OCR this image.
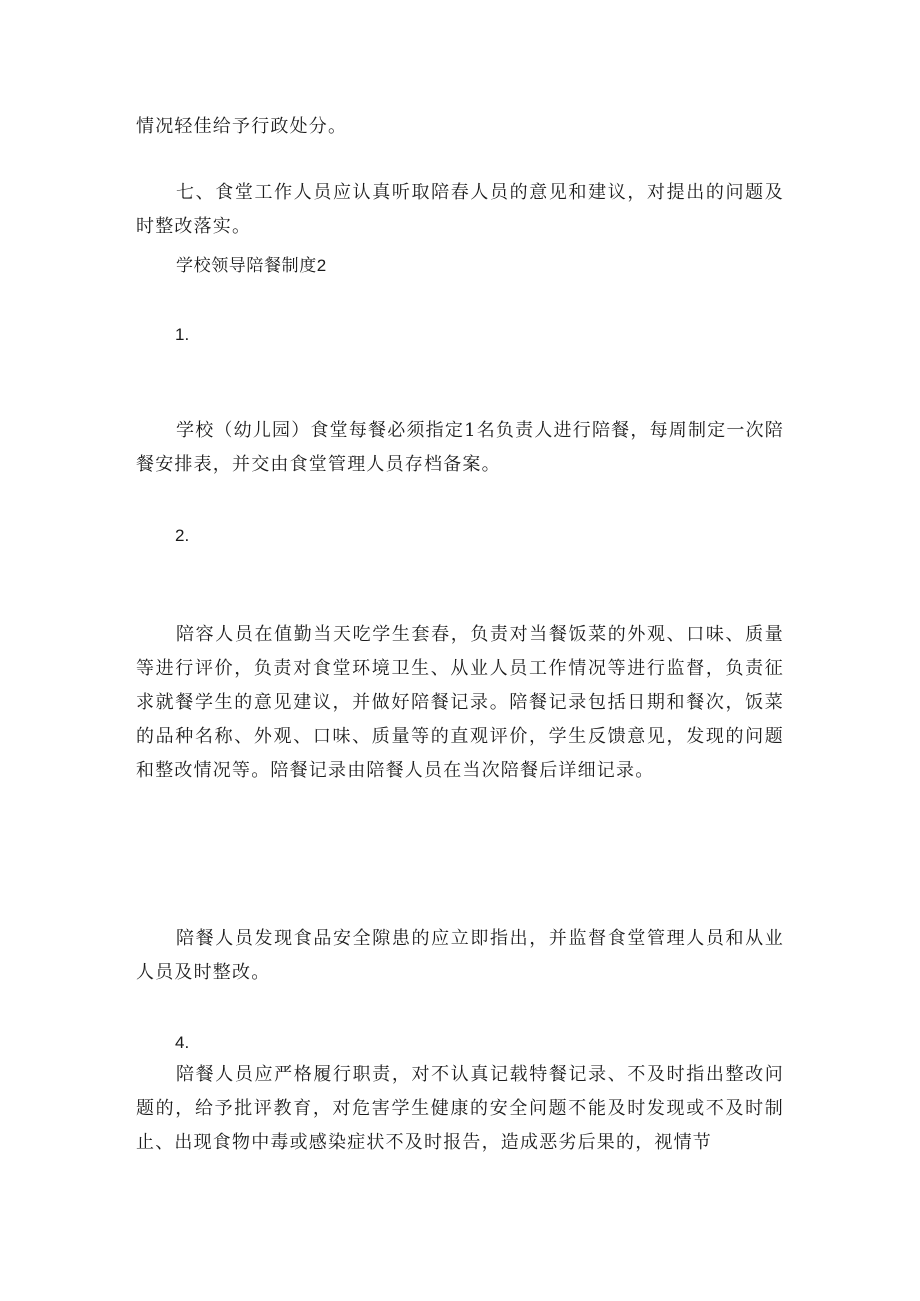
情况轻佳给予行政处分。

七、食堂工作人员应认真听取陪春人员的意见和建议，对提出的问题及时整改落实。

学校领导陪餐制度2

1.

学校（幼儿园）食堂每餐必须指定1名负责人进行陪餐，每周制定一次陪餐安排表，并交由食堂管理人员存档备案。

2.

陪容人员在值勤当天吃学生套春，负责对当餐饭菜的外观、口味、质量等进行评价，负责对食堂环境卫生、从业人员工作情况等进行监督，负责征求就餐学生的意见建议，并做好陪餐记录。陪餐记录包括日期和餐次，饭菜的品种名称、外观、口味、质量等的直观评价，学生反馈意见，发现的问题和整改情况等。陪餐记录由陪餐人员在当次陪餐后详细记录。

陪餐人员发现食品安全隙患的应立即指出，并监督食堂管理人员和从业人员及时整改。

4.

陪餐人员应严格履行职责，对不认真记载特餐记录、不及时指出整改问题的，给予批评教育，对危害学生健康的安全问题不能及时发现或不及时制止、出现食物中毒或感染症状不及时报告，造成恶劣后果的，视情节
